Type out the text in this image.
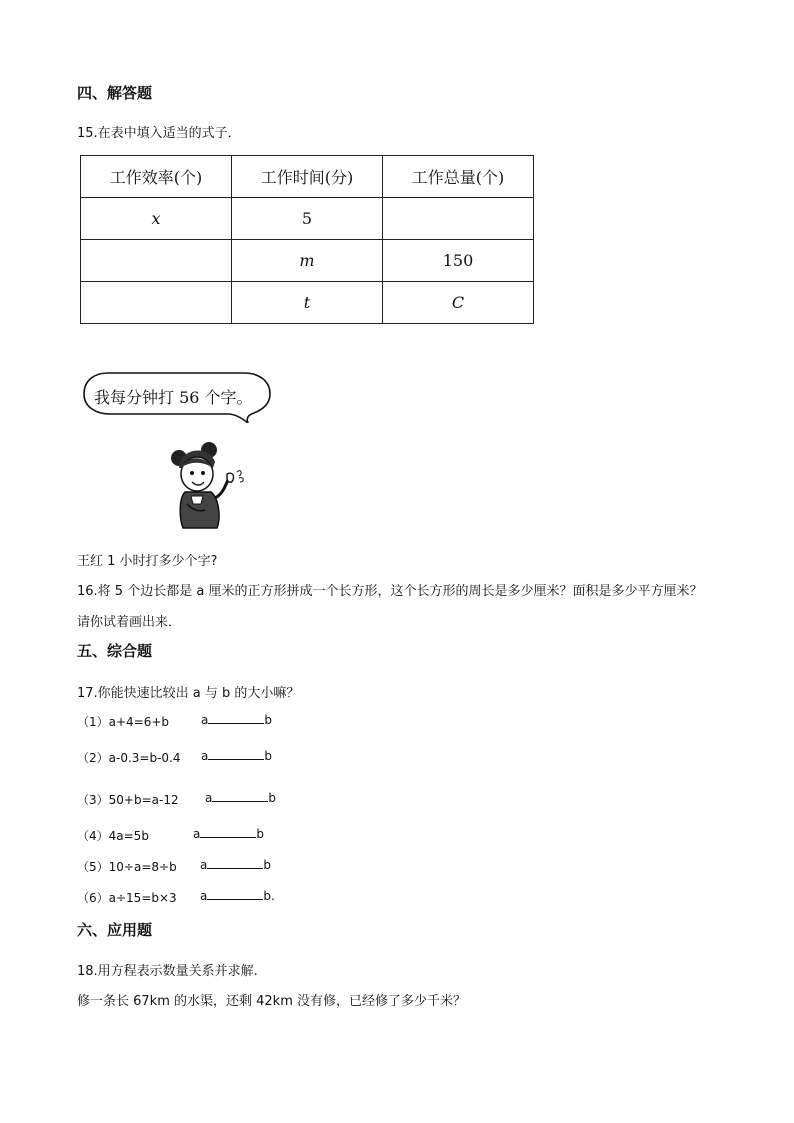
四、解答题
15.在表中填入适当的式子．
工作效率(个)	工作时间(分)	工作总量(个)
x	5	
	m	150
	t	C
我每分钟打 56 个字。
王红 1 小时打多少个字?
16.将 5 个边长都是 a 厘米的正方形拼成一个长方形，这个长方形的周长是多少厘米？面积是多少平方厘米？
请你试着画出来．
五、综合题
17.你能快速比较出 a 与 b 的大小嘛？
（1）a+4=6+b	a	b
（2）a-0.3=b-0.4 a	b
（3）50+b=a-12 a	b
（4）4a=5b	a	b
（5）10÷a=8÷b a	b
（6）a÷15=b×3 a	b.
六、应用题
18.用方程表示数量关系并求解.
修一条长 67km 的水渠，还剩 42km 没有修，已经修了多少千米？
